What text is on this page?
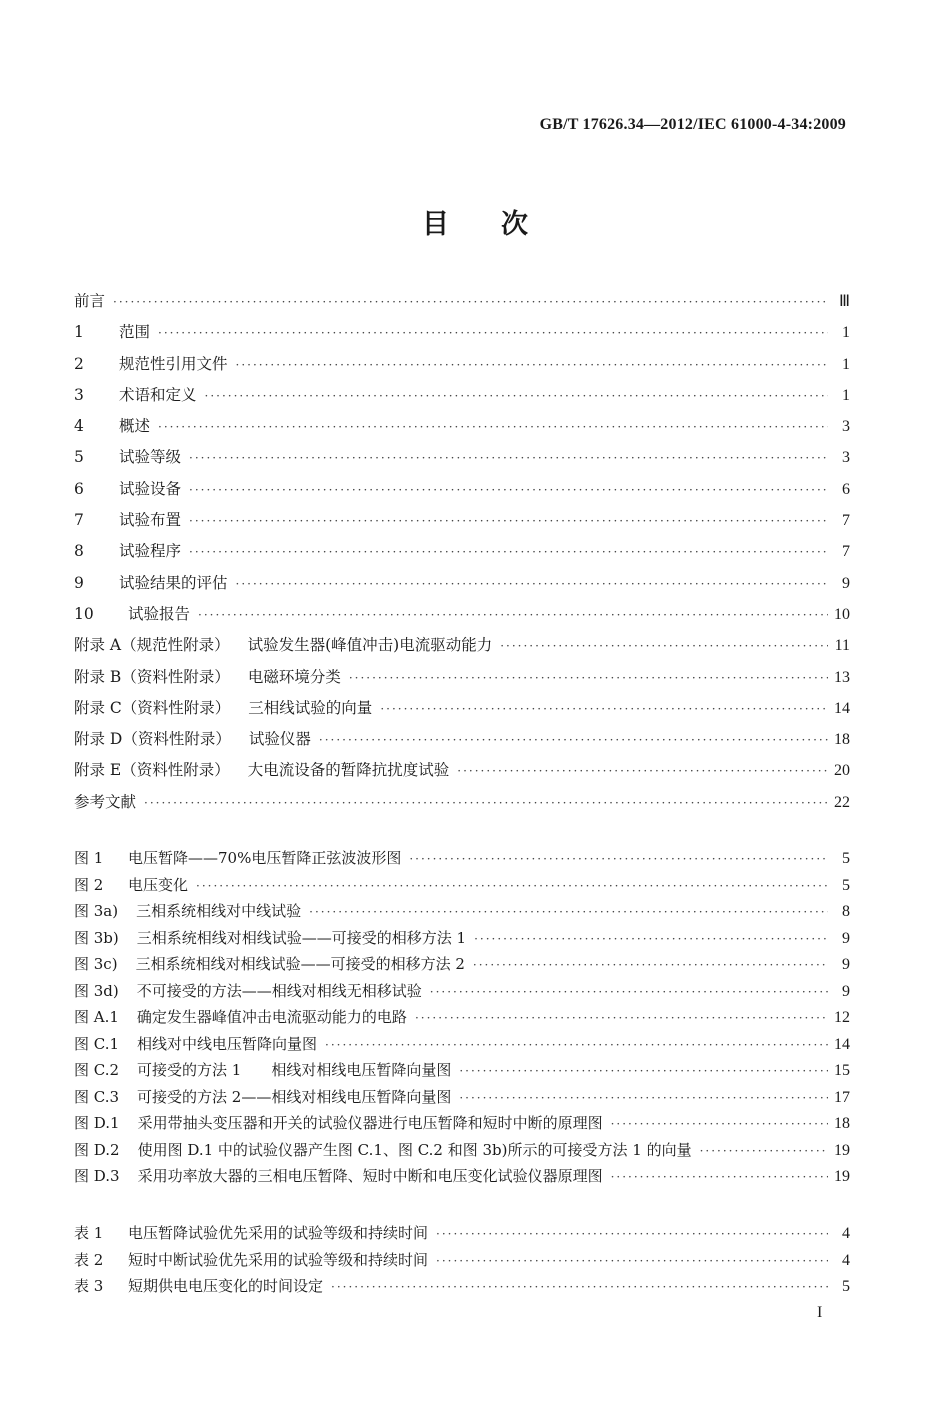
GB/T 17626.34—2012/IEC 61000-4-34:2009
目次
前言 ·····	Ⅲ
1 范围 ·····	1
2 规范性引用文件 ·····	1
3 术语和定义 ·····	1
4 概述 ·····	3
5 试验等级 ·····	3
6 试验设备 ·····	6
7 试验布置 ·····	7
8 试验程序 ·····	7
9 试验结果的评估 ·····	9
10 试验报告 ·····	10
附录 A（规范性附录） 试验发生器(峰值冲击)电流驱动能力 ·····	11
附录 B（资料性附录） 电磁环境分类 ·····	13
附录 C（资料性附录） 三相线试验的向量 ·····	14
附录 D（资料性附录） 试验仪器 ·····	18
附录 E（资料性附录） 大电流设备的暂降抗扰度试验 ·····	20
参考文献 ·····	22
图 1 电压暂降——70%电压暂降正弦波波形图 ·····	5
图 2 电压变化 ·····	5
图 3a) 三相系统相线对中线试验 ·····	8
图 3b) 三相系统相线对相线试验——可接受的相移方法 1 ·····	9
图 3c) 三相系统相线对相线试验——可接受的相移方法 2 ·····	9
图 3d) 不可接受的方法——相线对相线无相移试验 ·····	9
图 A.1 确定发生器峰值冲击电流驱动能力的电路 ·····	12
图 C.1 相线对中线电压暂降向量图 ·····	14
图 C.2 可接受的方法 1　　相线对相线电压暂降向量图 ·····	15
图 C.3 可接受的方法 2——相线对相线电压暂降向量图 ·····	17
图 D.1 采用带抽头变压器和开关的试验仪器进行电压暂降和短时中断的原理图 ·····	18
图 D.2 使用图 D.1 中的试验仪器产生图 C.1、图 C.2 和图 3b)所示的可接受方法 1 的向量 ·····	19
图 D.3 采用功率放大器的三相电压暂降、短时中断和电压变化试验仪器原理图 ·····	19
表 1 电压暂降试验优先采用的试验等级和持续时间 ·····	4
表 2 短时中断试验优先采用的试验等级和持续时间 ·····	4
表 3 短期供电电压变化的时间设定 ·····	5
I
